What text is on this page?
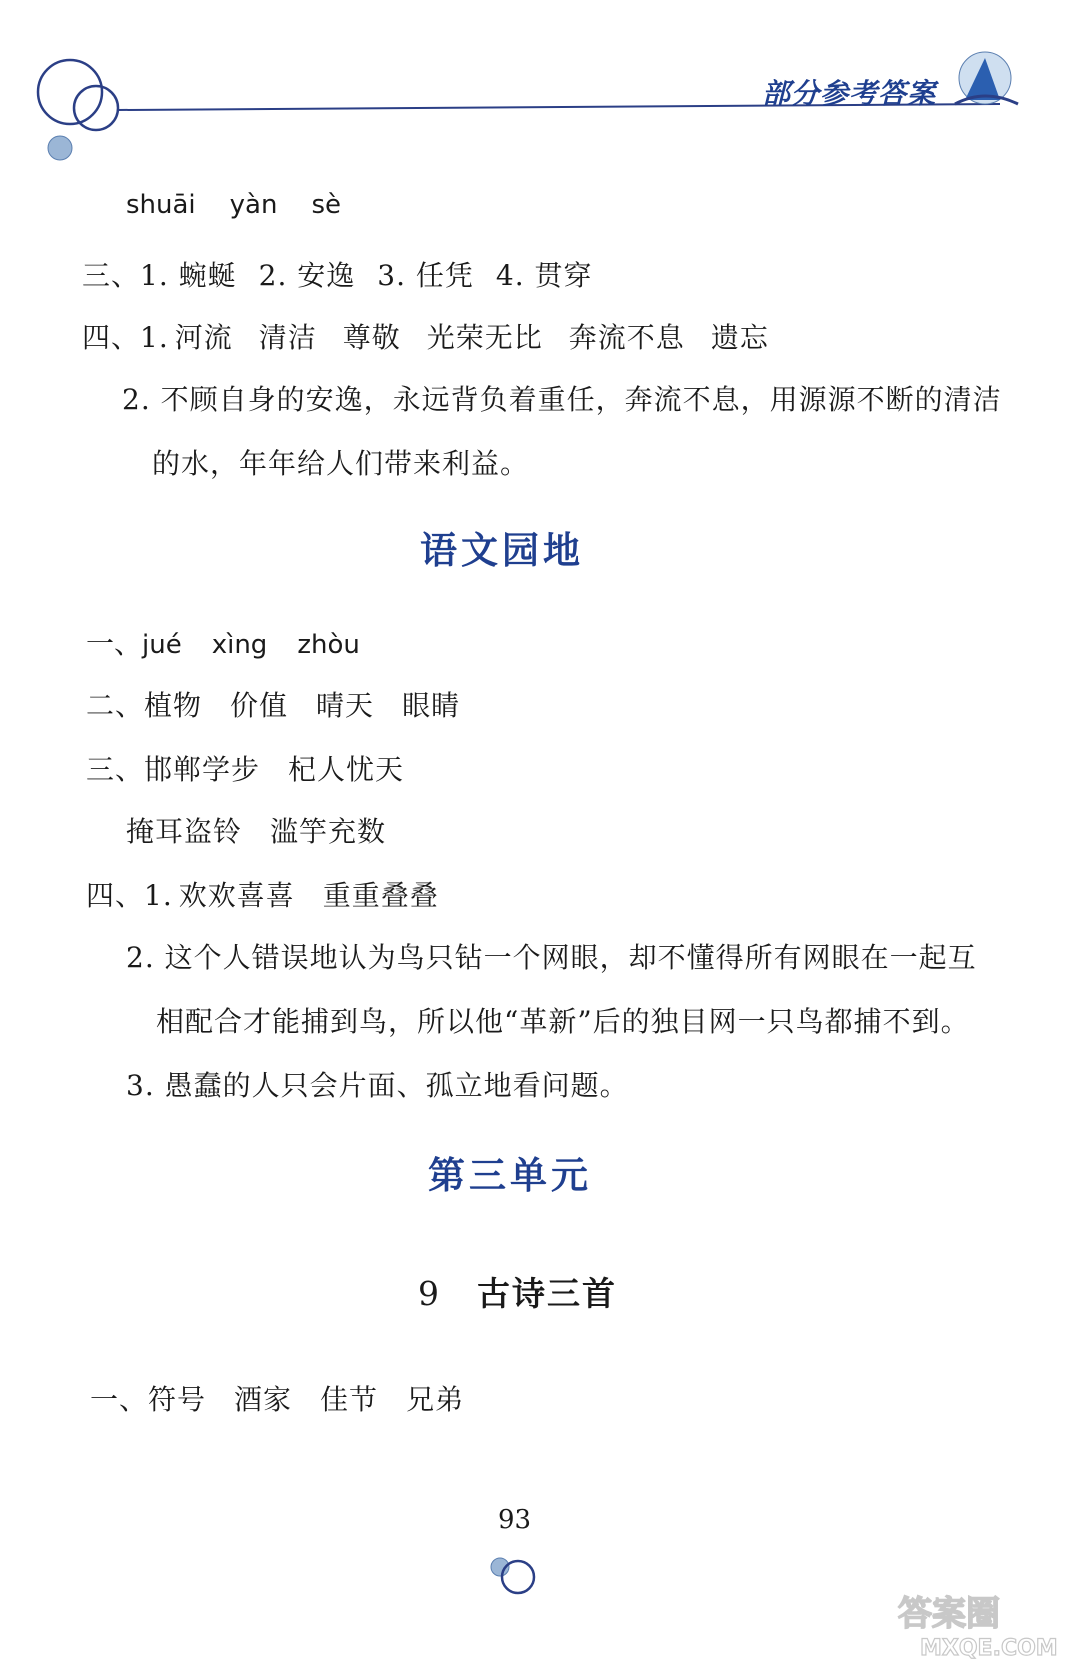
部分参考答案
shuāi yàn sè
三、1. 蜿蜒 2. 安逸 3. 任凭 4. 贯穿
四、1. 河流 清洁 尊敬 光荣无比 奔流不息 遗忘
2. 不顾自身的安逸，永远背负着重任，奔流不息，用源源不断的清洁
的水，年年给人们带来利益。
语文园地
一、jué xìng zhòu
二、植物 价值 晴天 眼睛
三、邯郸学步 杞人忧天
掩耳盗铃 滥竽充数
四、1. 欢欢喜喜 重重叠叠
2. 这个人错误地认为鸟只钻一个网眼，却不懂得所有网眼在一起互
相配合才能捕到鸟，所以他“革新”后的独目网一只鸟都捕不到。
3. 愚蠢的人只会片面、孤立地看问题。
第三单元
9 古诗三首
一、符号 酒家 佳节 兄弟
93
答案圈
MXQE.COM
